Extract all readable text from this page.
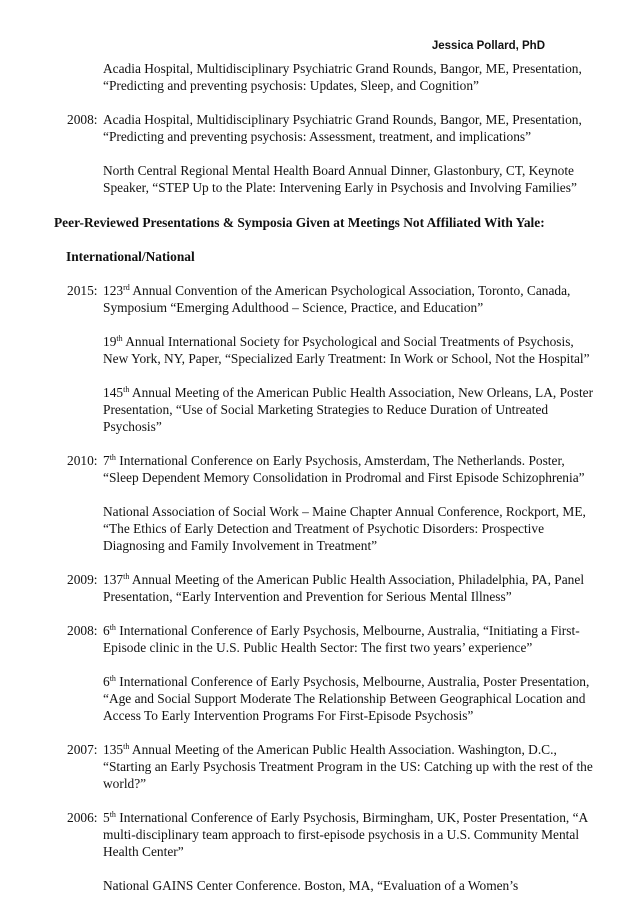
Jessica Pollard, PhD

Acadia Hospital, Multidisciplinary Psychiatric Grand Rounds, Bangor, ME, Presentation, “Predicting and preventing psychosis: Updates, Sleep, and Cognition”

2008: Acadia Hospital, Multidisciplinary Psychiatric Grand Rounds, Bangor, ME, Presentation, “Predicting and preventing psychosis: Assessment, treatment, and implications”

North Central Regional Mental Health Board Annual Dinner, Glastonbury, CT, Keynote Speaker, “STEP Up to the Plate: Intervening Early in Psychosis and Involving Families”

Peer-Reviewed Presentations & Symposia Given at Meetings Not Affiliated With Yale:
International/National
2015: 123rd Annual Convention of the American Psychological Association, Toronto, Canada, Symposium “Emerging Adulthood – Science, Practice, and Education”

19th Annual International Society for Psychological and Social Treatments of Psychosis, New York, NY, Paper, “Specialized Early Treatment: In Work or School, Not the Hospital”

145th Annual Meeting of the American Public Health Association, New Orleans, LA, Poster Presentation, “Use of Social Marketing Strategies to Reduce Duration of Untreated Psychosis”

2010: 7th International Conference on Early Psychosis, Amsterdam, The Netherlands. Poster, “Sleep Dependent Memory Consolidation in Prodromal and First Episode Schizophrenia”

National Association of Social Work – Maine Chapter Annual Conference, Rockport, ME, “The Ethics of Early Detection and Treatment of Psychotic Disorders: Prospective Diagnosing and Family Involvement in Treatment”

2009: 137th Annual Meeting of the American Public Health Association, Philadelphia, PA, Panel Presentation, “Early Intervention and Prevention for Serious Mental Illness”

2008: 6th International Conference of Early Psychosis, Melbourne, Australia, “Initiating a First-Episode clinic in the U.S. Public Health Sector: The first two years’ experience”

6th International Conference of Early Psychosis, Melbourne, Australia, Poster Presentation, “Age and Social Support Moderate The Relationship Between Geographical Location and Access To Early Intervention Programs For First-Episode Psychosis”

2007: 135th Annual Meeting of the American Public Health Association. Washington, D.C., “Starting an Early Psychosis Treatment Program in the US: Catching up with the rest of the world?”

2006: 5th International Conference of Early Psychosis, Birmingham, UK, Poster Presentation, “A multi-disciplinary team approach to first-episode psychosis in a U.S. Community Mental Health Center”

National GAINS Center Conference. Boston, MA, “Evaluation of a Women’s
